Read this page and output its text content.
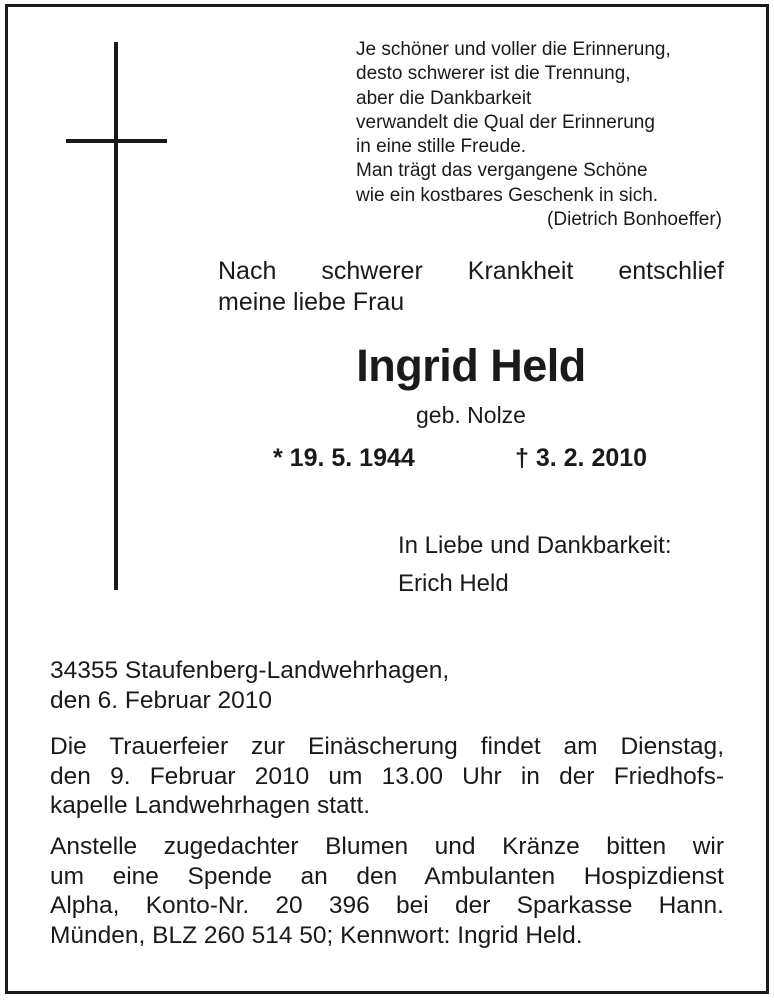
Je schöner und voller die Erinnerung,
desto schwerer ist die Trennung,
aber die Dankbarkeit
verwandelt die Qual der Erinnerung
in eine stille Freude.
Man trägt das vergangene Schöne
wie ein kostbares Geschenk in sich.
(Dietrich Bonhoeffer)
Nach schwerer Krankheit entschlief
meine liebe Frau
Ingrid Held
geb. Nolze
* 19. 5. 1944	† 3. 2. 2010
In Liebe und Dankbarkeit:
Erich Held
34355 Staufenberg-Landwehrhagen,
den 6. Februar 2010
Die Trauerfeier zur Einäscherung findet am Dienstag,
den 9. Februar 2010 um 13.00 Uhr in der Friedhofs-
kapelle Landwehrhagen statt.
Anstelle zugedachter Blumen und Kränze bitten wir
um eine Spende an den Ambulanten Hospizdienst
Alpha, Konto-Nr. 20 396 bei der Sparkasse Hann.
Münden, BLZ 260 514 50; Kennwort: Ingrid Held.
